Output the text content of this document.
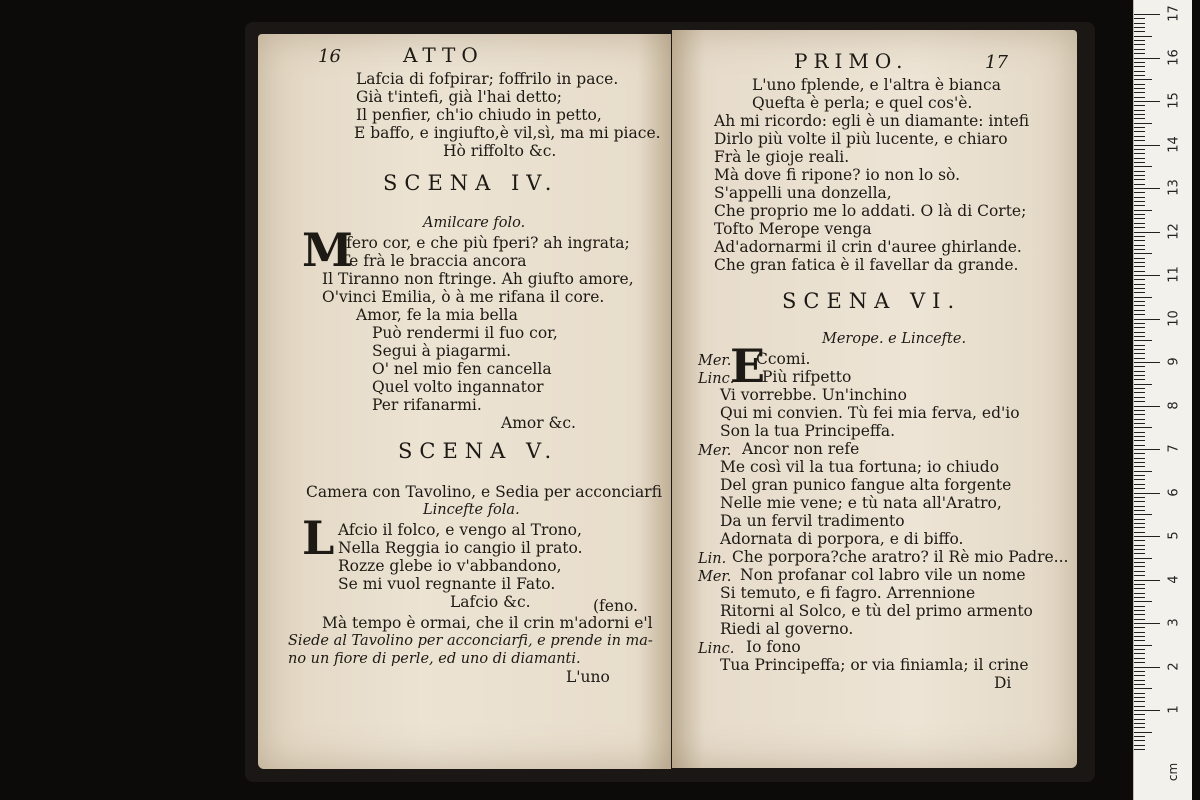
16	ATTO
Lafcia di fofpirar; foffrilo in pace.
Già t'intefi, già l'hai detto;
Il penfier, ch'io chiudo in petto,
E baffo, e ingiufto,è vil,sì, ma mi piace.
Hò riffolto &c.
SCENA IV.
Amilcare folo.
M
Ifero cor, e che più fperi? ah ingrata;
Te frà le braccia ancora
Il Tiranno non ftringe. Ah giufto amore,
O'vinci Emilia, ò à me rifana il core.
Amor, fe la mia bella
Può rendermi il fuo cor,
Segui à piagarmi.
O' nel mio fen cancella
Quel volto ingannator
Per rifanarmi.
Amor &c.
SCENA V.
Camera con Tavolino, e Sedia per acconciarfi
Lincefte fola.
L Afcio il folco, e vengo al Trono,
Nella Reggia io cangio il prato.
Rozze glebe io v'abbandono,
Se mi vuol regnante il Fato.
Lafcio &c.	(feno.
Mà tempo è ormai, che il crin m'adorni e'l
Siede al Tavolino per acconciarfi, e prende in ma-
no un fiore di perle, ed uno di diamanti.
L'uno
PRIMO.	17
L'uno fplende, e l'altra è bianca
Quefta è perla; e quel cos'è.
Ah mi ricordo: egli è un diamante: intefi
Dirlo più volte il più lucente, e chiaro
Frà le gioje reali.
Mà dove fi ripone? io non lo sò.
S'appelli una donzella,
Che proprio me lo addati. O là di Corte;
Tofto Merope venga
Ad'adornarmi il crin d'auree ghirlande.
Che gran fatica è il favellar da grande.
SCENA VI.
Merope. e Lincefte.
E
Mer. Ccomi.
Linc. Più rifpetto
Vi vorrebbe. Un'inchino
Qui mi convien. Tù fei mia ferva, ed'io
Son la tua Principeffa.
Mer. Ancor non refe
Me così vil la tua fortuna; io chiudo
Del gran punico fangue alta forgente
Nelle mie vene; e tù nata all'Aratro,
Da un fervil tradimento
Adornata di porpora, e di biffo.
Lin. Che porpora?che aratro? il Rè mio Padre...
Mer. Non profanar col labro vile un nome
Si temuto, e fi fagro. Arrennione
Ritorni al Solco, e tù del primo armento
Riedi al governo.
Linc. Io fono
Tua Principeffa; or via finiamla; il crine
Di
cm
17
16
15
14
13
12
11
10
9
8
7
6
5
4
3
2
1
